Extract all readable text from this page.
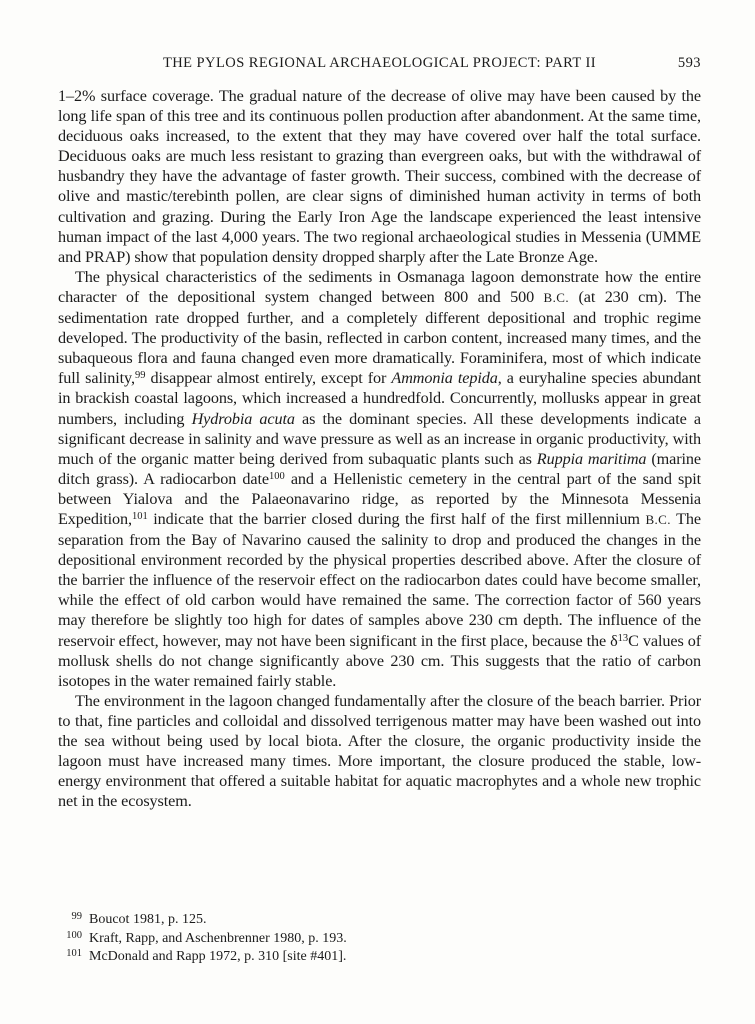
THE PYLOS REGIONAL ARCHAEOLOGICAL PROJECT: PART II	593

1–2% surface coverage. The gradual nature of the decrease of olive may have been caused by the long life span of this tree and its continuous pollen production after abandonment. At the same time, deciduous oaks increased, to the extent that they may have covered over half the total surface. Deciduous oaks are much less resistant to grazing than evergreen oaks, but with the withdrawal of husbandry they have the advantage of faster growth. Their success, combined with the decrease of olive and mastic/terebinth pollen, are clear signs of diminished human activity in terms of both cultivation and grazing. During the Early Iron Age the landscape experienced the least intensive human impact of the last 4,000 years. The two regional archaeological studies in Messenia (UMME and PRAP) show that population density dropped sharply after the Late Bronze Age.

The physical characteristics of the sediments in Osmanaga lagoon demonstrate how the entire character of the depositional system changed between 800 and 500 B.C. (at 230 cm). The sedimentation rate dropped further, and a completely different depositional and trophic regime developed. The productivity of the basin, reflected in carbon content, increased many times, and the subaqueous flora and fauna changed even more dramatically. Foraminifera, most of which indicate full salinity,$^{99}$ disappear almost entirely, except for Ammonia tepida, a euryhaline species abundant in brackish coastal lagoons, which increased a hundredfold. Concurrently, mollusks appear in great numbers, including Hydrobia acuta as the dominant species. All these developments indicate a significant decrease in salinity and wave pressure as well as an increase in organic productivity, with much of the organic matter being derived from subaquatic plants such as Ruppia maritima (marine ditch grass). A radiocarbon date$^{100}$ and a Hellenistic cemetery in the central part of the sand spit between Yialova and the Palaeonavarino ridge, as reported by the Minnesota Messenia Expedition,$^{101}$ indicate that the barrier closed during the first half of the first millennium B.C. The separation from the Bay of Navarino caused the salinity to drop and produced the changes in the depositional environment recorded by the physical properties described above. After the closure of the barrier the influence of the reservoir effect on the radiocarbon dates could have become smaller, while the effect of old carbon would have remained the same. The correction factor of 560 years may therefore be slightly too high for dates of samples above 230 cm depth. The influence of the reservoir effect, however, may not have been significant in the first place, because the δ$^{13}$C values of mollusk shells do not change significantly above 230 cm. This suggests that the ratio of carbon isotopes in the water remained fairly stable.

The environment in the lagoon changed fundamentally after the closure of the beach barrier. Prior to that, fine particles and colloidal and dissolved terrigenous matter may have been washed out into the sea without being used by local biota. After the closure, the organic productivity inside the lagoon must have increased many times. More important, the closure produced the stable, low-energy environment that offered a suitable habitat for aquatic macrophytes and a whole new trophic net in the ecosystem.

99 Boucot 1981, p. 125.
100 Kraft, Rapp, and Aschenbrenner 1980, p. 193.
101 McDonald and Rapp 1972, p. 310 [site #401].
